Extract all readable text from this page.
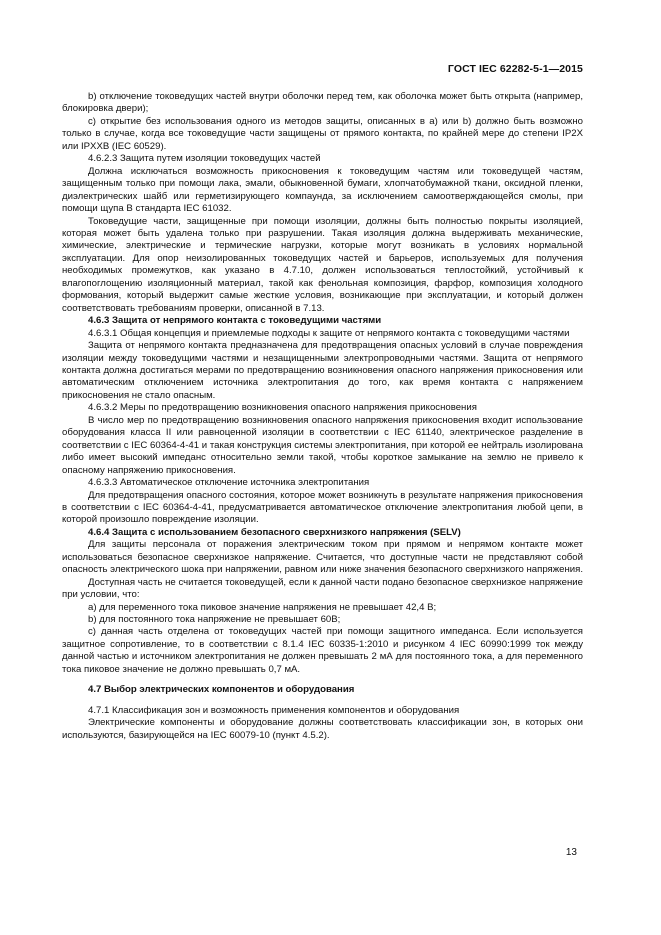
ГОСТ IEC 62282-5-1—2015

b) отключение токоведущих частей внутри оболочки перед тем, как оболочка может быть открыта (например, блокировка двери);

c) открытие без использования одного из методов защиты, описанных в a) или b) должно быть возможно только в случае, когда все токоведущие части защищены от прямого контакта, по крайней мере до степени IP2X или IPXXB (IEC 60529).

4.6.2.3 Защита путем изоляции токоведущих частей

Должна исключаться возможность прикосновения к токоведущим частям или токоведущей частям, защищенным только при помощи лака, эмали, обыкновенной бумаги, хлопчатобумажной ткани, оксидной пленки, диэлектрических шайб или герметизирующего компаунда, за исключением самоотверждающейся смолы, при помощи щупа B стандарта IEC 61032.

Токоведущие части, защищенные при помощи изоляции, должны быть полностью покрыты изоляцией, которая может быть удалена только при разрушении. Такая изоляция должна выдерживать механические, химические, электрические и термические нагрузки, которые могут возникать в условиях нормальной эксплуатации. Для опор неизолированных токоведущих частей и барьеров, используемых для получения необходимых промежутков, как указано в 4.7.10, должен использоваться теплостойкий, устойчивый к влагопоглощению изоляционный материал, такой как фенольная композиция, фарфор, композиция холодного формования, который выдержит самые жесткие условия, возникающие при эксплуатации, и который должен соответствовать требованиям проверки, описанной в 7.13.

4.6.3 Защита от непрямого контакта с токоведущими частями

4.6.3.1 Общая концепция и приемлемые подходы к защите от непрямого контакта с токоведущими частями

Защита от непрямого контакта предназначена для предотвращения опасных условий в случае повреждения изоляции между токоведущими частями и незащищенными электропроводными частями. Защита от непрямого контакта должна достигаться мерами по предотвращению возникновения опасного напряжения прикосновения или автоматическим отключением источника электропитания до того, как время контакта с напряжением прикосновения не стало опасным.

4.6.3.2 Меры по предотвращению возникновения опасного напряжения прикосновения

В число мер по предотвращению возникновения опасного напряжения прикосновения входит использование оборудования класса II или равноценной изоляции в соответствии с IEC 61140, электрическое разделение в соответствии с IEC 60364-4-41 и такая конструкция системы электропитания, при которой ее нейтраль изолирована либо имеет высокий импеданс относительно земли такой, чтобы короткое замыкание на землю не привело к опасному напряжению прикосновения.

4.6.3.3 Автоматическое отключение источника электропитания

Для предотвращения опасного состояния, которое может возникнуть в результате напряжения прикосновения в соответствии с IEC 60364-4-41, предусматривается автоматическое отключение электропитания любой цепи, в которой произошло повреждение изоляции.

4.6.4 Защита с использованием безопасного сверхнизкого напряжения (SELV)

Для защиты персонала от поражения электрическим током при прямом и непрямом контакте может использоваться безопасное сверхнизкое напряжение. Считается, что доступные части не представляют собой опасность электрического шока при напряжении, равном или ниже значения безопасного сверхнизкого напряжения.

Доступная часть не считается токоведущей, если к данной части подано безопасное сверхнизкое напряжение при условии, что:

a) для переменного тока пиковое значение напряжения не превышает 42,4 В;

b) для постоянного тока напряжение не превышает 60В;

c) данная часть отделена от токоведущих частей при помощи защитного импеданса. Если используется защитное сопротивление, то в соответствии с 8.1.4 IEC 60335-1:2010 и рисунком 4 IEC 60990:1999 ток между данной частью и источником электропитания не должен превышать 2 мА для постоянного тока, а для переменного тока пиковое значение не должно превышать 0,7 мА.

4.7 Выбор электрических компонентов и оборудования

4.7.1 Классификация зон и возможность применения компонентов и оборудования

Электрические компоненты и оборудование должны соответствовать классификации зон, в которых они используются, базирующейся на IEC 60079-10 (пункт 4.5.2).

13
